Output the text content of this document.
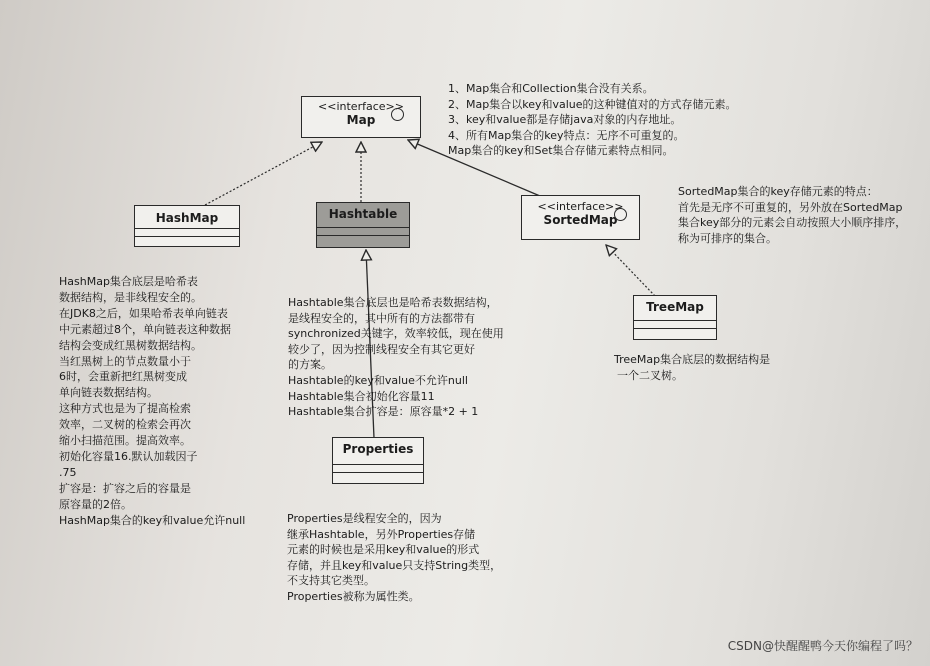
<<interface>>
Map
HashMap	Hashtable
<<interface>>
SortedMap
TreeMap
Properties
1、Map集合和Collection集合没有关系。
2、Map集合以key和value的这种键值对的方式存储元素。
3、key和value都是存储java对象的内存地址。
4、所有Map集合的key特点：无序不可重复的。
Map集合的key和Set集合存储元素特点相同。
SortedMap集合的key存储元素的特点：
首先是无序不可重复的，另外放在SortedMap
集合key部分的元素会自动按照大小顺序排序，
称为可排序的集合。
HashMap集合底层是哈希表
数据结构，是非线程安全的。
在JDK8之后，如果哈希表单向链表
中元素超过8个，单向链表这种数据
结构会变成红黑树数据结构。
当红黑树上的节点数量小于
6时，会重新把红黑树变成
单向链表数据结构。
这种方式也是为了提高检索
效率，二叉树的检索会再次
缩小扫描范围。提高效率。
初始化容量16.默认加载因子
.75
扩容是：扩容之后的容量是
原容量的2倍。
HashMap集合的key和value允许null
Hashtable集合底层也是哈希表数据结构，
是线程安全的，其中所有的方法都带有
synchronized关键字，效率较低，现在使用
较少了，因为控制线程安全有其它更好
的方案。
Hashtable的key和value不允许null
Hashtable集合初始化容量11
Hashtable集合扩容是：原容量*2 + 1
TreeMap集合底层的数据结构是
一个二叉树。
Properties是线程安全的，因为
继承Hashtable，另外Properties存储
元素的时候也是采用key和value的形式
存储，并且key和value只支持String类型，
不支持其它类型。
Properties被称为属性类。
CSDN@快醒醒鸭今天你编程了吗？
